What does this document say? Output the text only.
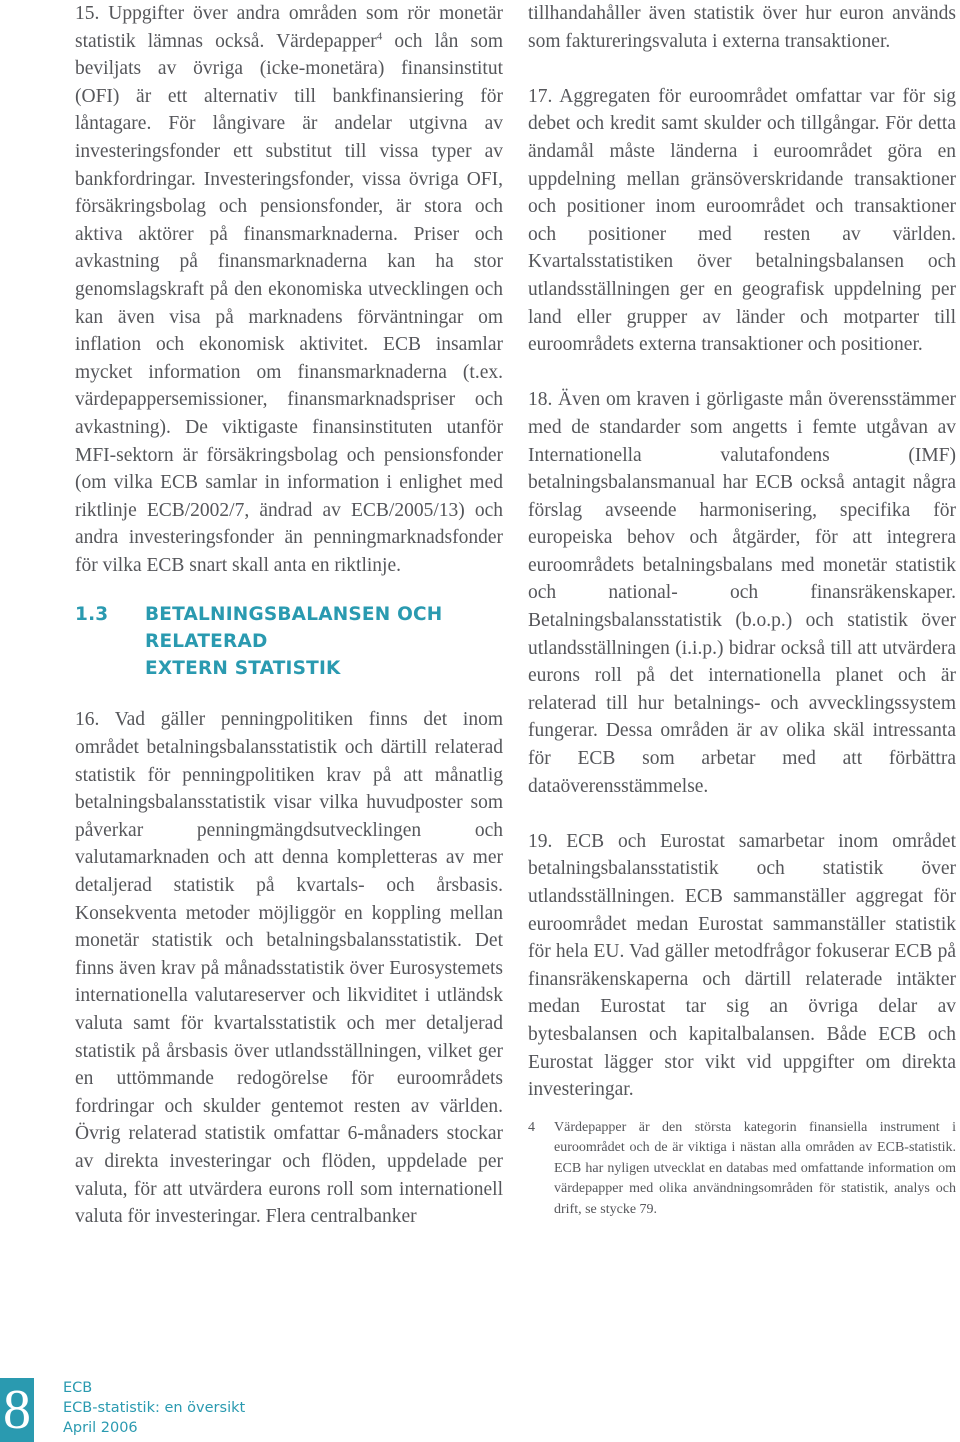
15. Uppgifter över andra områden som rör monetär statistik lämnas också. Värdepapper$^4$ och lån som beviljats av övriga (icke-monetära) finansinstitut (OFI) är ett alternativ till bankfinansiering för låntagare. För långivare är andelar utgivna av investeringsfonder ett substitut till vissa typer av bankfordringar. Investeringsfonder, vissa övriga OFI, försäkringsbolag och pensionsfonder, är stora och aktiva aktörer på finansmarknaderna. Priser och avkastning på finansmarknaderna kan ha stor genomslagskraft på den ekonomiska utvecklingen och kan även visa på marknadens förväntningar om inflation och ekonomisk aktivitet. ECB insamlar mycket information om finansmarknaderna (t.ex. värdepappersemissioner, finansmarknadspriser och avkastning). De viktigaste finansinstituten utanför MFI-sektorn är försäkringsbolag och pensionsfonder (om vilka ECB samlar in information i enlighet med riktlinje ECB/2002/7, ändrad av ECB/2005/13) och andra investeringsfonder än penningmarknadsfonder för vilka ECB snart skall anta en riktlinje.

1.3 BETALNINGSBALANSEN OCH RELATERAD
EXTERN STATISTIK

16. Vad gäller penningpolitiken finns det inom området betalningsbalansstatistik och därtill relaterad statistik för penningpolitiken krav på att månatlig betalningsbalansstatistik visar vilka huvudposter som påverkar penningmängdsutvecklingen och valutamarknaden och att denna kompletteras av mer detaljerad statistik på kvartals- och årsbasis. Konsekventa metoder möjliggör en koppling mellan monetär statistik och betalningsbalansstatistik. Det finns även krav på månadsstatistik över Eurosystemets internationella valutareserver och likviditet i utländsk valuta samt för kvartalsstatistik och mer detaljerad statistik på årsbasis över utlandsställningen, vilket ger en uttömmande redogörelse för euroområdets fordringar och skulder gentemot resten av världen. Övrig relaterad statistik omfattar 6-månaders stockar av direkta investeringar och flöden, uppdelade per valuta, för att utvärdera eurons roll som internationell valuta för investeringar. Flera centralbanker

tillhandahåller även statistik över hur euron används som faktureringsvaluta i externa transaktioner.

17. Aggregaten för euroområdet omfattar var för sig debet och kredit samt skulder och tillgångar. För detta ändamål måste länderna i euroområdet göra en uppdelning mellan gränsöverskridande transaktioner och positioner inom euroområdet och transaktioner och positioner med resten av världen. Kvartalsstatistiken över betalningsbalansen och utlandsställningen ger en geografisk uppdelning per land eller grupper av länder och motparter till euroområdets externa transaktioner och positioner.

18. Även om kraven i görligaste mån överensstämmer med de standarder som angetts i femte utgåvan av Internationella valutafondens (IMF) betalningsbalansmanual har ECB också antagit några förslag avseende harmonisering, specifika för europeiska behov och åtgärder, för att integrera euroområdets betalningsbalans med monetär statistik och national- och finansräkenskaper. Betalningsbalansstatistik (b.o.p.) och statistik över utlandsställningen (i.i.p.) bidrar också till att utvärdera eurons roll på det internationella planet och är relaterad till hur betalnings- och avvecklingssystem fungerar. Dessa områden är av olika skäl intressanta för ECB som arbetar med att förbättra dataöverensstämmelse.

19. ECB och Eurostat samarbetar inom området betalningsbalansstatistik och statistik över utlandsställningen. ECB sammanställer aggregat för euroområdet medan Eurostat sammanställer statistik för hela EU. Vad gäller metodfrågor fokuserar ECB på finansräkenskaperna och därtill relaterade intäkter medan Eurostat tar sig an övriga delar av bytesbalansen och kapitalbalansen. Både ECB och Eurostat lägger stor vikt vid uppgifter om direkta investeringar.

4	Värdepapper är den största kategorin finansiella instrument i euroområdet och de är viktiga i nästan alla områden av ECB-statistik. ECB har nyligen utvecklat en databas med omfattande information om värdepapper med olika användningsområden för statistik, analys och drift, se stycke 79.
8 ECB
ECB-statistik: en översikt
April 2006
